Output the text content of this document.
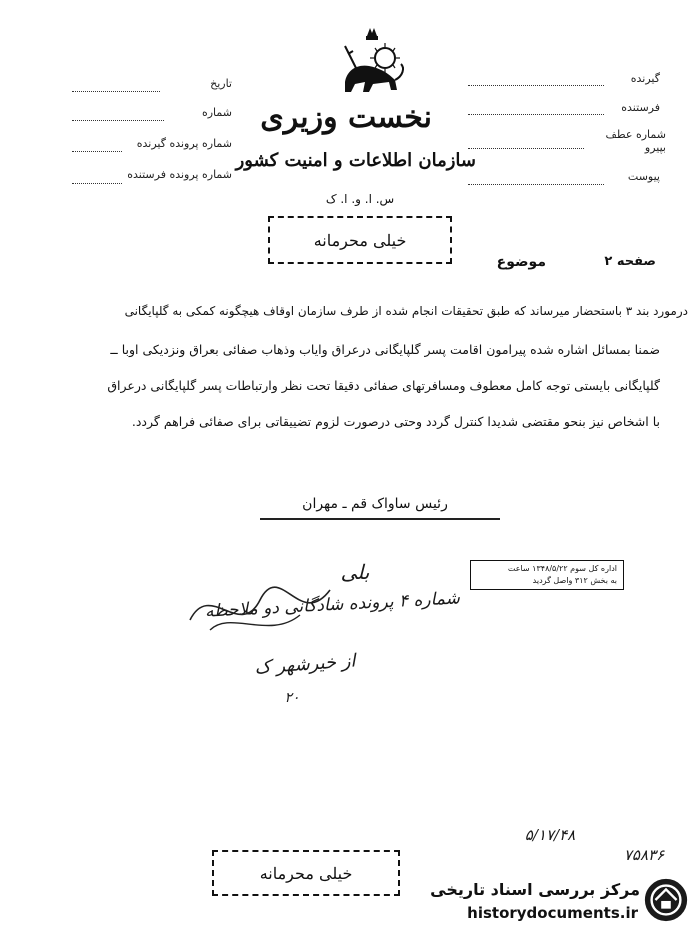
نخست وزیری
سازمان اطلاعات و امنیت کشور
س. ا. و. ا. ک
تاریخ
شماره
شماره پرونده گیرنده
شماره پرونده فرستنده
گیرنده
فرستنده
شماره عطف بپیرو
پیوست
خیلی محرمانه
صفحه ۲
موضوع
درمورد بند ۳ باستحضار میرساند که طبق تحقیقات انجام شده از طرف سازمان اوقاف هیچگونه کمکی به گلپایگانی
ضمنا بمسائل اشاره شده پیرامون اقامت پسر گلپایگانی درعراق وایاب وذهاب صفائی بعراق ونزدیکی اوبا ــ
گلپایگانی بایستی توجه کامل معطوف ومسافرتهای صفائی دقیقا تحت نظر وارتباطات پسر گلپایگانی درعراق
با اشخاص نیز بنحو مقتضی شدیدا کنترل گردد وحتی درصورت لزوم تضییقاتی برای صفائی فراهم گردد.
رئیس ساواک قم ـ مهران
بلی
شماره ۴ پرونده شادگانی دو ملاحظه
از خیرشهر ک
۲۰
اداره کل سوم ۱۳۴۸/۵/۲۲ ساعت
به بخش ۳۱۲ واصل گردید
۵/۱۷/۴۸
۷۵۸۳۶
خیلی محرمانه
مرکز بررسی اسناد تاریخی
historydocuments.ir
